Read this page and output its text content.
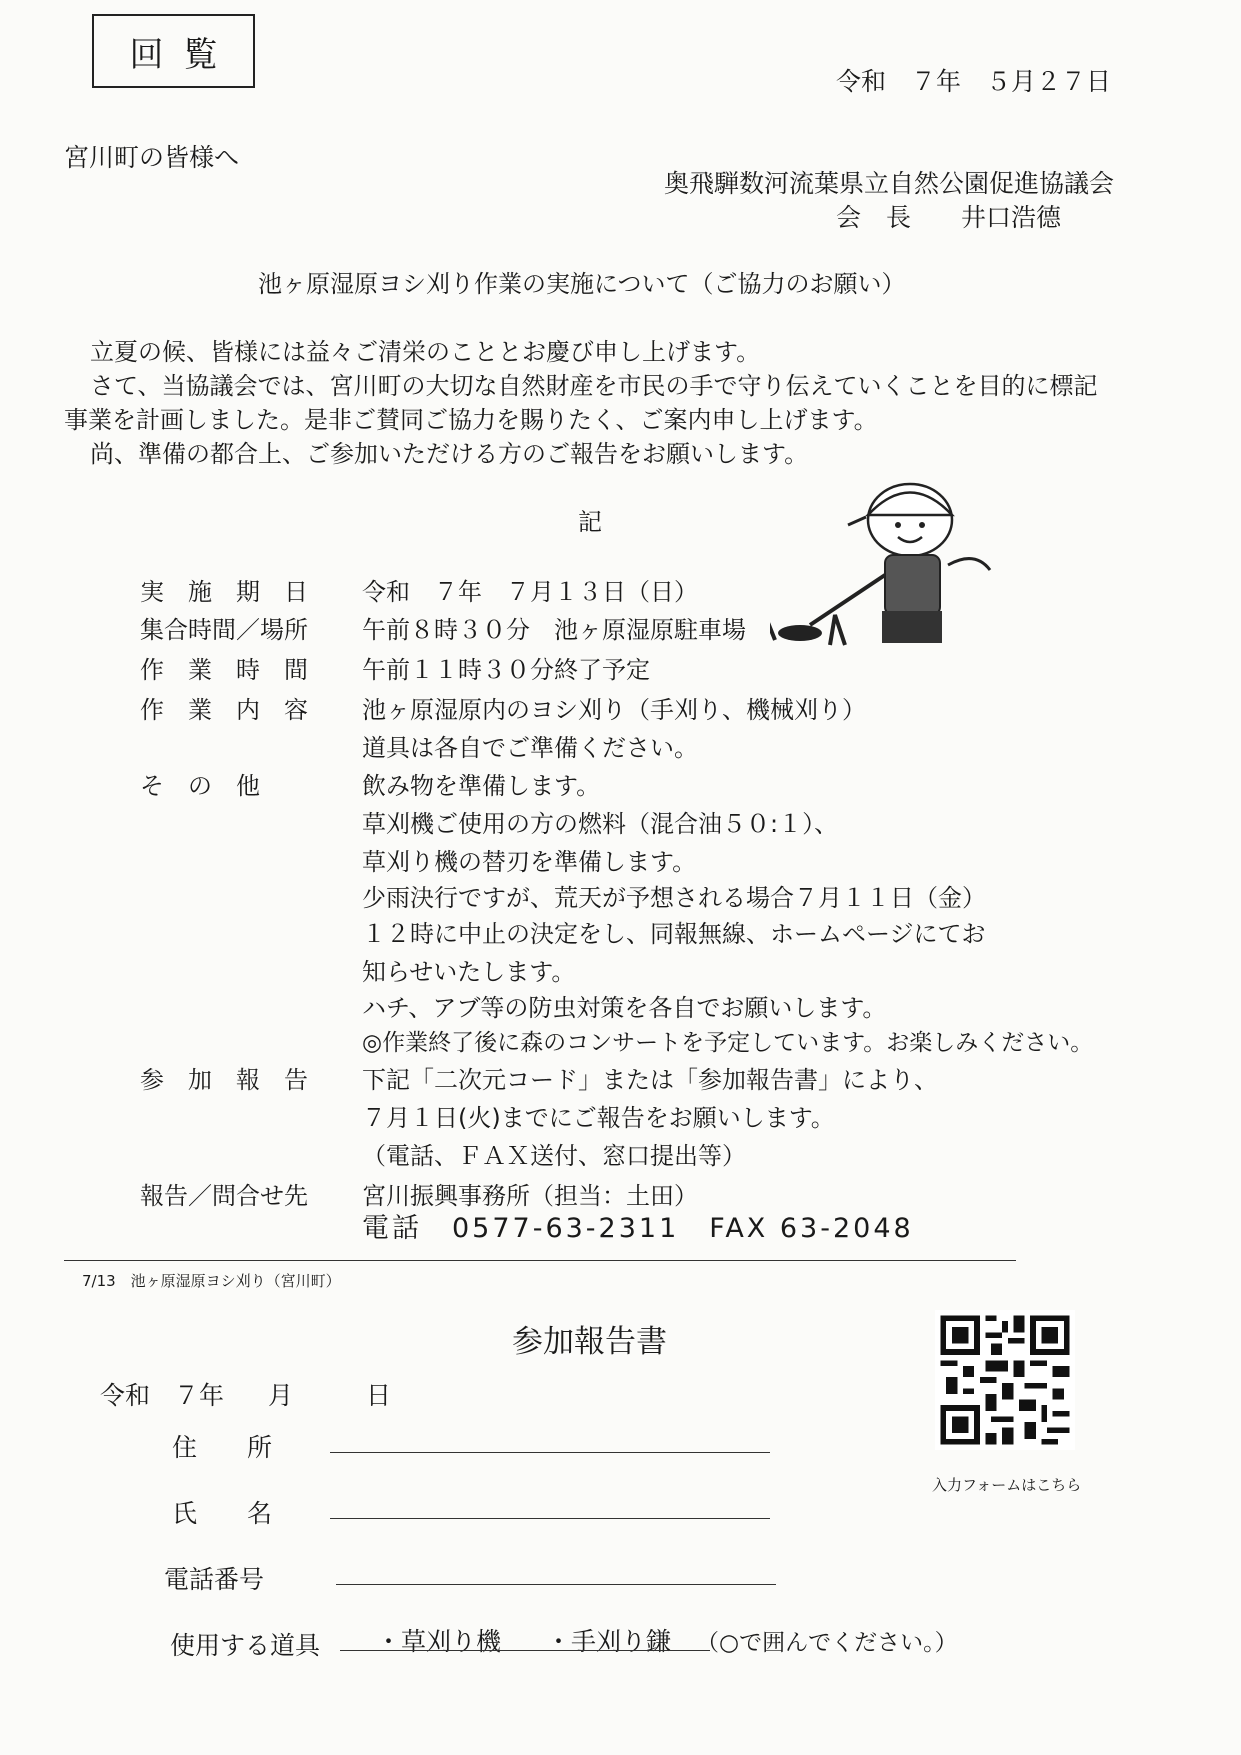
回覧
令和　７年　５月２７日
宮川町の皆様へ
奥飛騨数河流葉県立自然公園促進協議会
会　長　　井口浩德
池ヶ原湿原ヨシ刈り作業の実施について（ご協力のお願い）
立夏の候、皆様には益々ご清栄のこととお慶び申し上げます。
さて、当協議会では、宮川町の大切な自然財産を市民の手で守り伝えていくことを目的に標記
事業を計画しました。是非ご賛同ご協力を賜りたく、ご案内申し上げます。
尚、準備の都合上、ご参加いただける方のご報告をお願いします。
記
実　施　期　日
集合時間／場所
作　業　時　間
作　業　内　容
そ　の　他
参　加　報　告
報告／問合せ先
令和　７年　７月１３日（日）
午前８時３０分　池ヶ原湿原駐車場
午前１１時３０分終了予定
池ヶ原湿原内のヨシ刈り（手刈り、機械刈り）
道具は各自でご準備ください。
飲み物を準備します。
草刈機ご使用の方の燃料（混合油５０:１）、
草刈り機の替刃を準備します。
少雨決行ですが、荒天が予想される場合７月１１日（金）
１２時に中止の決定をし、同報無線、ホームページにてお
知らせいたします。
ハチ、アブ等の防虫対策を各自でお願いします。
◎作業終了後に森のコンサートを予定しています。お楽しみください。
下記「二次元コード」または「参加報告書」により、
７月１日(火)までにご報告をお願いします。
（電話、ＦＡＸ送付、窓口提出等）
宮川振興事務所（担当：土田）
電話　0577-63-2311　FAX 63-2048
7/13　池ヶ原湿原ヨシ刈り（宮川町）
参加報告書
令和 ７年 月	日
住　　所
氏　　名
電話番号
使用する道具 ・草刈り機 ・手刈り鎌 （○で囲んでください。）
入力フォームはこちら
